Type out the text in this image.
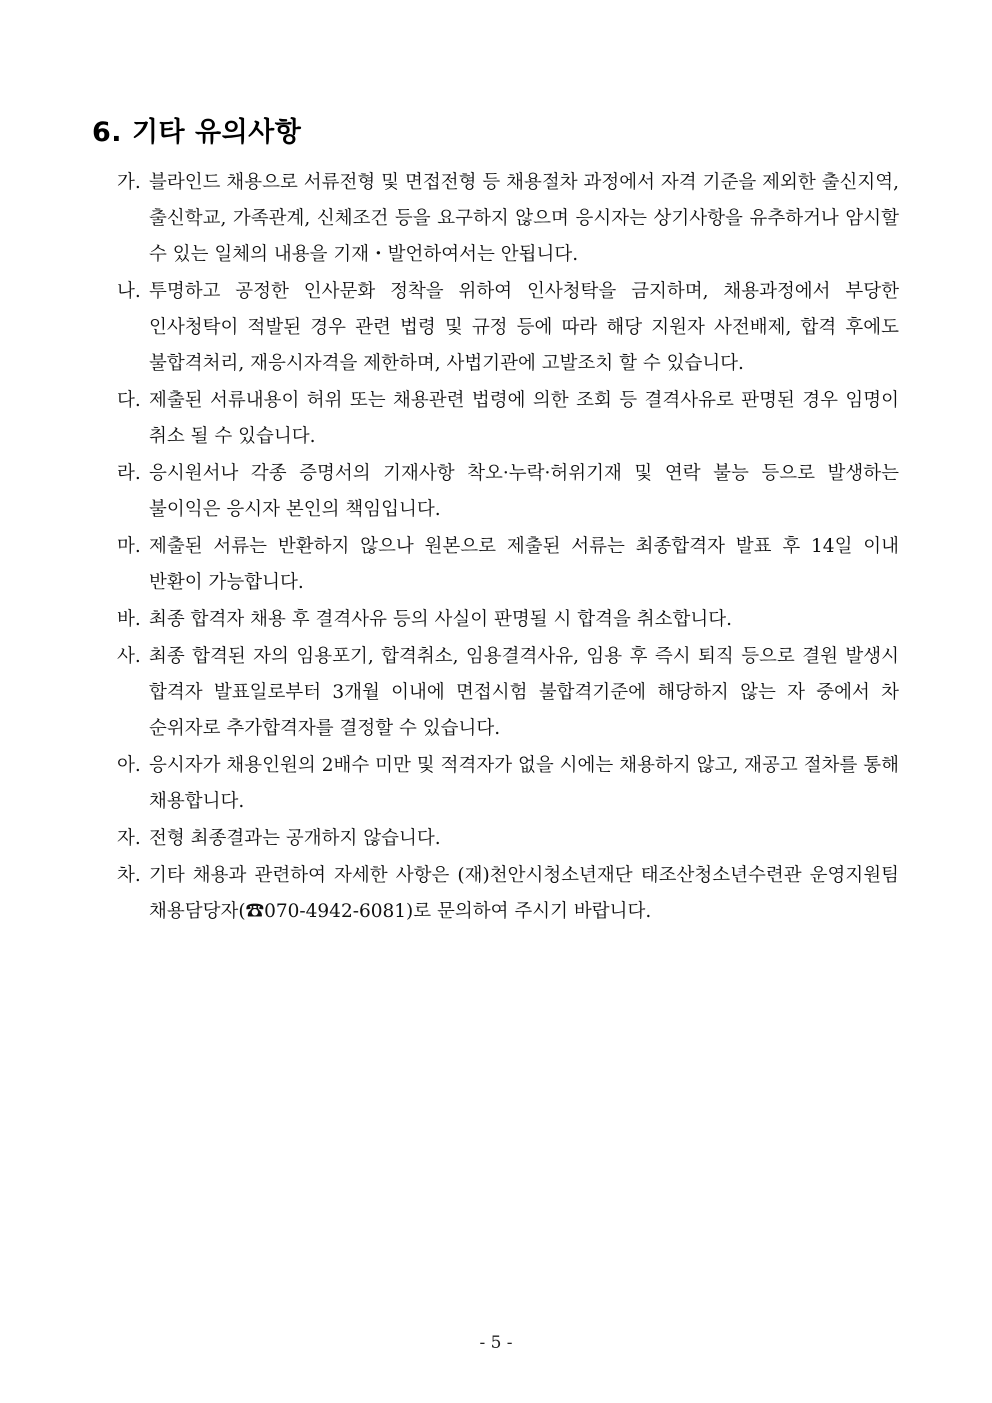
6. 기타 유의사항
가. 블라인드 채용으로 서류전형 및 면접전형 등 채용절차 과정에서 자격 기준을 제외한 출신지역, 출신학교, 가족관계, 신체조건 등을 요구하지 않으며 응시자는 상기사항을 유추하거나 암시할 수 있는 일체의 내용을 기재・발언하여서는 안됩니다.
나. 투명하고 공정한 인사문화 정착을 위하여 인사청탁을 금지하며, 채용과정에서 부당한 인사청탁이 적발된 경우 관련 법령 및 규정 등에 따라 해당 지원자 사전배제, 합격 후에도 불합격처리, 재응시자격을 제한하며, 사법기관에 고발조치 할 수 있습니다.
다. 제출된 서류내용이 허위 또는 채용관련 법령에 의한 조회 등 결격사유로 판명된 경우 임명이 취소 될 수 있습니다.
라. 응시원서나 각종 증명서의 기재사항 착오·누락·허위기재 및 연락 불능 등으로 발생하는 불이익은 응시자 본인의 책임입니다.
마. 제출된 서류는 반환하지 않으나 원본으로 제출된 서류는 최종합격자 발표 후 14일 이내 반환이 가능합니다.
바. 최종 합격자 채용 후 결격사유 등의 사실이 판명될 시 합격을 취소합니다.
사. 최종 합격된 자의 임용포기, 합격취소, 임용결격사유, 임용 후 즉시 퇴직 등으로 결원 발생시 합격자 발표일로부터 3개월 이내에 면접시험 불합격기준에 해당하지 않는 자 중에서 차 순위자로 추가합격자를 결정할 수 있습니다.
아. 응시자가 채용인원의 2배수 미만 및 적격자가 없을 시에는 채용하지 않고, 재공고 절차를 통해 채용합니다.
자. 전형 최종결과는 공개하지 않습니다.
차. 기타 채용과 관련하여 자세한 사항은 (재)천안시청소년재단 태조산청소년수련관 운영지원팀 채용담당자(☎070-4942-6081)로 문의하여 주시기 바랍니다.
- 5 -
